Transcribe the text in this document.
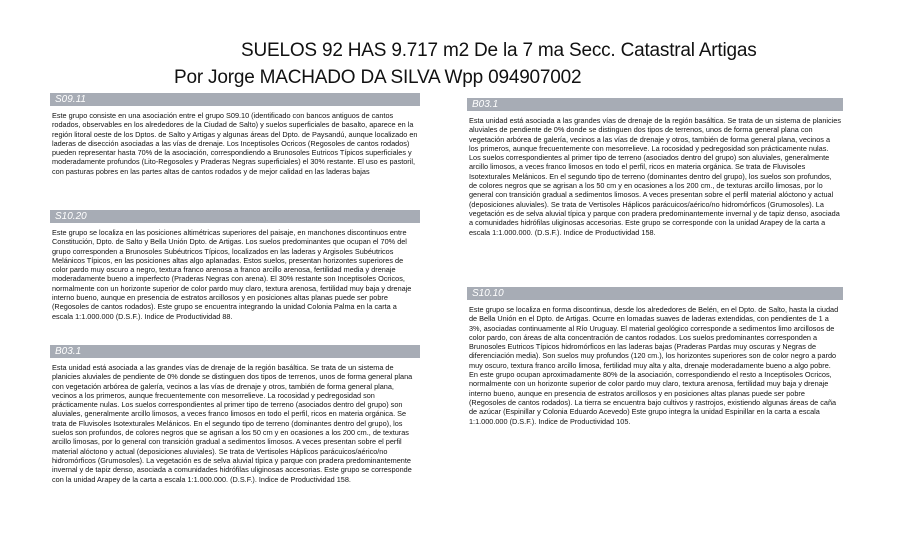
SUELOS 92 HAS 9.717 m2 De la 7 ma Secc. Catastral Artigas
Por Jorge MACHADO DA SILVA Wpp 094907002
S09.11
Este grupo consiste en una asociación entre el grupo S09.10 (identificado con bancos antiguos de cantos rodados, observables en los alrededores de la Ciudad de Salto) y suelos superficiales de basalto, aparece en la región litoral oeste de los Dptos. de Salto y Artigas y algunas áreas del Dpto. de Paysandú, aunque localizado en laderas de disección asociadas a las vías de drenaje. Los Inceptisoles Ocricos (Regosoles de cantos rodados) pueden representar hasta 70% de la asociación, correspondiendo a Brunosoles Eutricos Típicos superficiales y moderadamente profundos (Lito-Regosoles y Praderas Negras superficiales) el 30% restante. El uso es pastoril, con pasturas pobres en las partes altas de cantos rodados y de mejor calidad en las laderas bajas
S10.20
Este grupo se localiza en las posiciones altimétricas superiores del paisaje, en manchones discontinuos entre Constitución, Dpto. de Salto y Bella Unión Dpto. de Artigas. Los suelos predominantes que ocupan el 70% del grupo corresponden a Brunosoles Subéutricos Típicos, localizados en las laderas y Argisoles Subéutricos Melánicos Típicos, en las posiciones altas algo aplanadas. Estos suelos, presentan horizontes superiores de color pardo muy oscuro a negro, textura franco arenosa a franco arcillo arenosa, fertilidad media y drenaje moderadamente bueno a imperfecto (Praderas Negras con arena). El 30% restante son Inceptisoles Ocricos, normalmente con un horizonte superior de color pardo muy claro, textura arenosa, fertilidad muy baja y drenaje interno bueno, aunque en presencia de estratos arcillosos y en posiciones altas planas puede ser pobre (Regosoles de cantos rodados). Este grupo se encuentra integrando la unidad Colonia Palma en la carta a escala 1:1.000.000 (D.S.F.). Indice de Productividad 88.
B03.1
Esta unidad está asociada a las grandes vías de drenaje de la región basáltica. Se trata de un sistema de planicies aluviales de pendiente de 0% donde se distinguen dos tipos de terrenos, unos de forma general plana con vegetación arbórea de galería, vecinos a las vías de drenaje y otros, también de forma general plana, vecinos a los primeros, aunque frecuentemente con mesorrelieve. La rocosidad y pedregosidad son prácticamente nulas. Los suelos correspondientes al primer tipo de terreno (asociados dentro del grupo) son aluviales, generalmente arcillo limosos, a veces franco limosos en todo el perfil, ricos en materia orgánica. Se trata de Fluvisoles Isotexturales Melánicos. En el segundo tipo de terreno (dominantes dentro del grupo), los suelos son profundos, de colores negros que se agrisan a los 50 cm y en ocasiones a los 200 cm., de texturas arcillo limosas, por lo general con transición gradual a sedimentos limosos. A veces presentan sobre el perfil material alóctono y actual (deposiciones aluviales). Se trata de Vertisoles Háplicos parácuicos/aérico/no hidromórficos (Grumosoles). La vegetación es de selva aluvial típica y parque con pradera predominantemente invernal y de tapiz denso, asociada a comunidades hidrófilas uliginosas accesorias. Este grupo se corresponde con la unidad Arapey de la carta a escala 1:1.000.000. (D.S.F.). Indice de Productividad 158.
B03.1
Esta unidad está asociada a las grandes vías de drenaje de la región basáltica. Se trata de un sistema de planicies aluviales de pendiente de 0% donde se distinguen dos tipos de terrenos, unos de forma general plana con vegetación arbórea de galería, vecinos a las vías de drenaje y otros, también de forma general plana, vecinos a los primeros, aunque frecuentemente con mesorrelieve. La rocosidad y pedregosidad son prácticamente nulas. Los suelos correspondientes al primer tipo de terreno (asociados dentro del grupo) son aluviales, generalmente arcillo limosos, a veces franco limosos en todo el perfil, ricos en materia orgánica. Se trata de Fluvisoles Isotexturales Melánicos. En el segundo tipo de terreno (dominantes dentro del grupo), los suelos son profundos, de colores negros que se agrisan a los 50 cm y en ocasiones a los 200 cm., de texturas arcillo limosas, por lo general con transición gradual a sedimentos limosos. A veces presentan sobre el perfil material alóctono y actual (deposiciones aluviales). Se trata de Vertisoles Háplicos parácuicos/aérico/no hidromórficos (Grumosoles). La vegetación es de selva aluvial típica y parque con pradera predominantemente invernal y de tapiz denso, asociada a comunidades hidrófilas uliginosas accesorias. Este grupo se corresponde con la unidad Arapey de la carta a escala 1:1.000.000. (D.S.F.). Indice de Productividad 158.
S10.10
Este grupo se localiza en forma discontinua, desde los alrededores de Belén, en el Dpto. de Salto, hasta la ciudad de Bella Unión en el Dpto. de Artigas. Ocurre en lomadas suaves de laderas extendidas, con pendientes de 1 a 3%, asociadas continuamente al Río Uruguay. El material geológico corresponde a sedimentos limo arcillosos de color pardo, con áreas de alta concentración de cantos rodados. Los suelos predominantes corresponden a Brunosoles Eutricos Típicos hidromórficos en las laderas bajas (Praderas Pardas muy oscuras y Negras de diferenciación media). Son suelos muy profundos (120 cm.), los horizontes superiores son de color negro a pardo muy oscuro, textura franco arcillo limosa, fertilidad muy alta y alta, drenaje moderadamente bueno a algo pobre. En este grupo ocupan aproximadamente 80% de la asociación, correspondiendo el resto a Inceptisoles Ocricos, normalmente con un horizonte superior de color pardo muy claro, textura arenosa, fertilidad muy baja y drenaje interno bueno, aunque en presencia de estratos arcillosos y en posiciones altas planas puede ser pobre (Regosoles de cantos rodados). La tierra se encuentra bajo cultivos y rastrojos, existiendo algunas áreas de caña de azúcar (Espinillar y Colonia Eduardo Acevedo) Este grupo integra la unidad Espinillar en la carta a escala 1:1.000.000 (D.S.F.). Indice de Productividad 105.
